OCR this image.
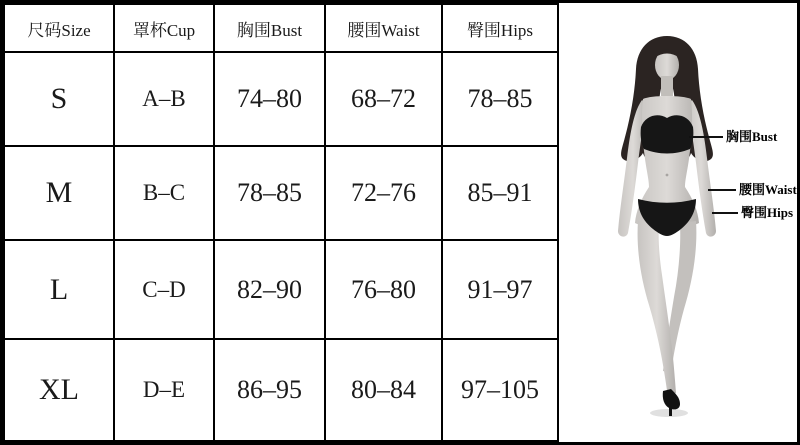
尺码Size	罩杯Cup	胸围Bust	腰围Waist	臀围Hips
S	A–B	74–80	68–72	78–85
M	B–C	78–85	72–76	85–91
L	C–D	82–90	76–80	91–97
XL	D–E	86–95	80–84	97–105
胸围Bust
腰围Waist
臀围Hips
